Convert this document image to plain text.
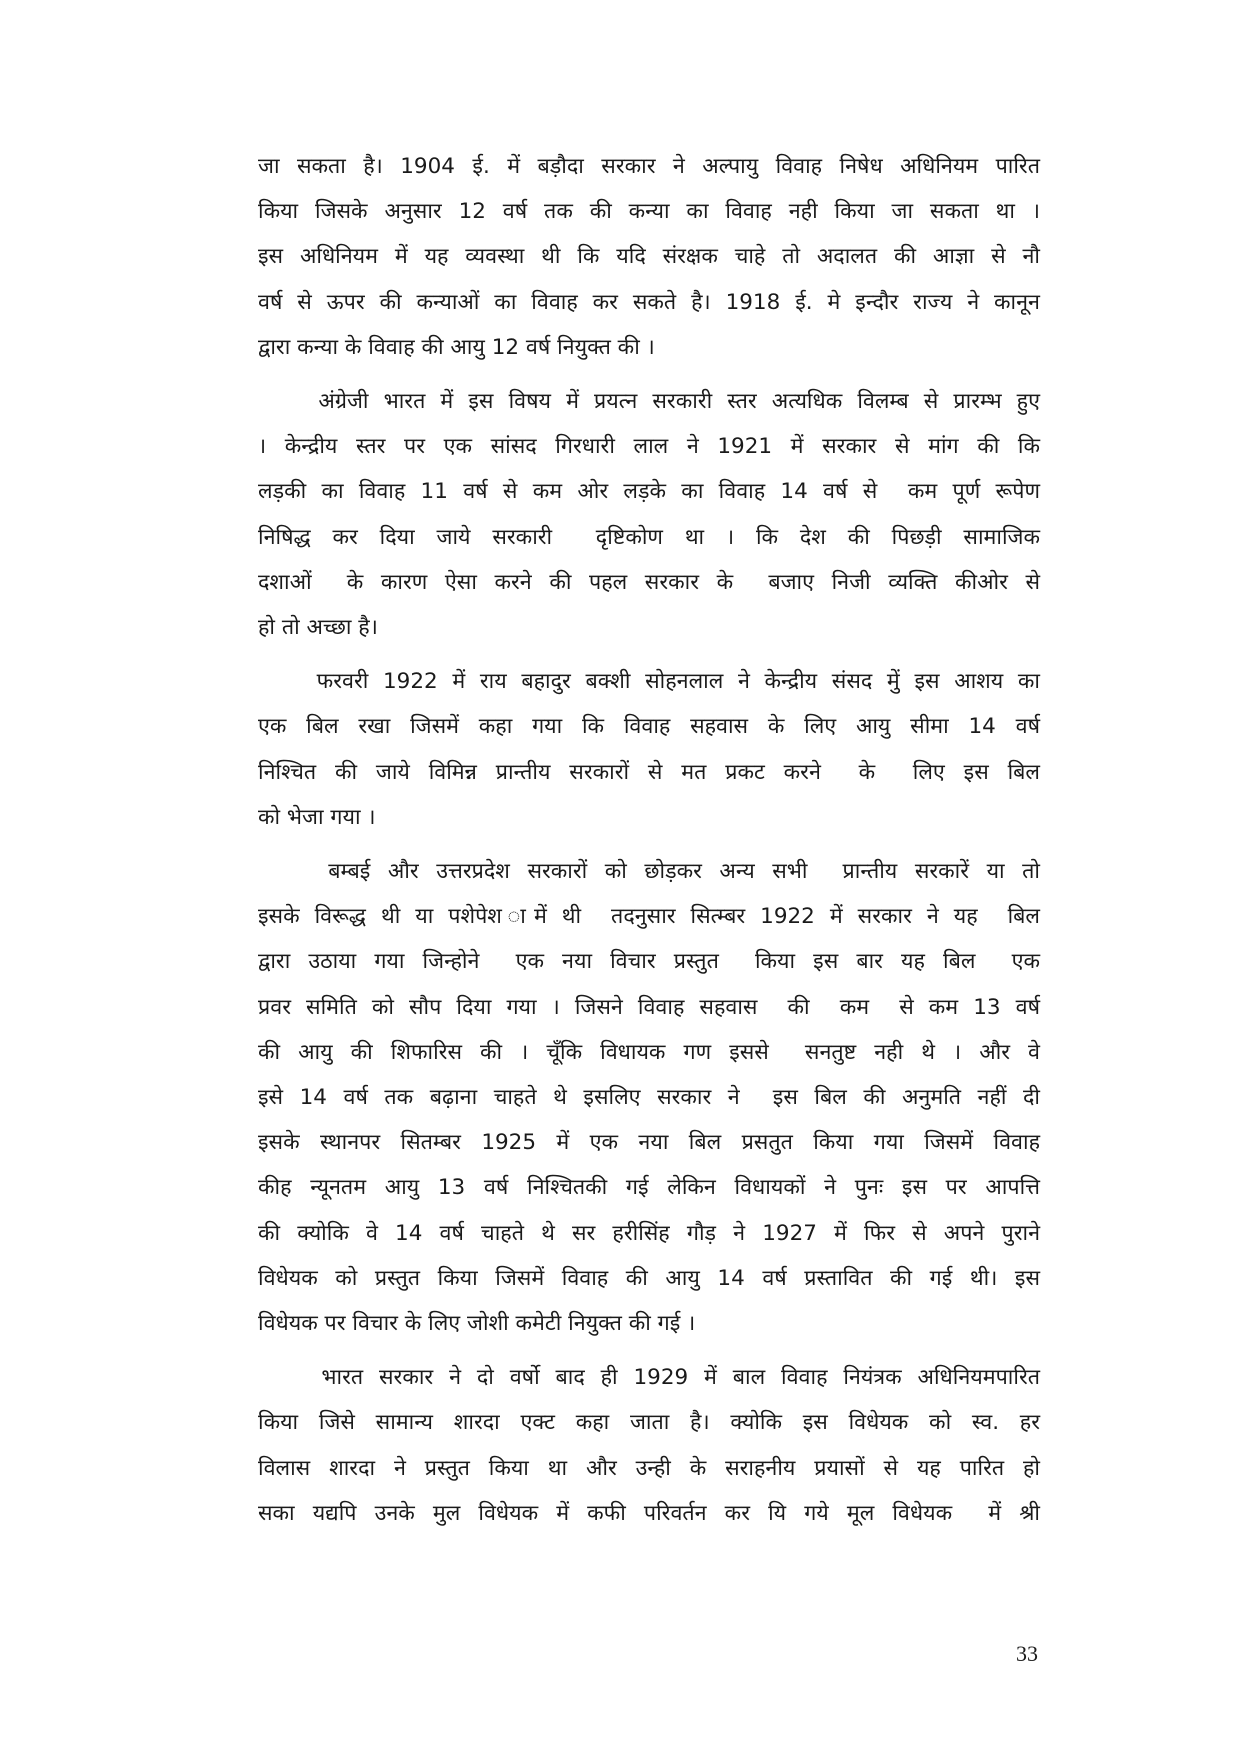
जा सकता है। 1904 ई. में बड़ौदा सरकार ने अल्पायु विवाह निषेध अधिनियम पारित
किया जिसके अनुसार 12 वर्ष तक की कन्या का विवाह नही किया जा सकता था ।
इस अधिनियम में यह व्यवस्था थी कि यदि संरक्षक चाहे तो अदालत की आज्ञा से नौ
वर्ष से ऊपर की कन्याओं का विवाह कर सकते है। 1918 ई. मे इन्दौर राज्य ने कानून
द्वारा कन्या के विवाह की आयु 12 वर्ष नियुक्त की ।

अंग्रेजी भारत में इस विषय में प्रयत्न सरकारी स्तर अत्यधिक विलम्ब से प्रारम्भ हुए
। केन्द्रीय स्तर पर एक सांसद गिरधारी लाल ने 1921 में सरकार से मांग की कि
लड़की का विवाह 11 वर्ष से कम ओर लड़के का विवाह 14 वर्ष से  कम पूर्ण रूपेण
निषिद्ध कर दिया जाये सरकारी  दृष्टिकोण था । कि देश की पिछड़ी सामाजिक
दशाओं  के कारण ऐसा करने की पहल सरकार के  बजाए निजी व्यक्ति कीओर से
हो तो अच्छा है।

फरवरी 1922 में राय बहादुर बक्शी सोहनलाल ने केन्द्रीय संसद मुें इस आशय का
एक बिल रखा जिसमें कहा गया कि विवाह सहवास के लिए आयु सीमा 14 वर्ष
निश्चित की जाये विमिन्न प्रान्तीय सरकारों से मत प्रकट करने  के  लिए इस बिल
को भेजा गया ।

बम्बई और उत्तरप्रदेश सरकारों को छोड़कर अन्य सभी  प्रान्तीय सरकारें या तो
इसके विरूद्ध थी या पशेपेश ामें थी  तदनुसार सित्म्बर 1922 में सरकार ने यह  बिल
द्वारा उठाया गया जिन्होने  एक नया विचार प्रस्तुत  किया इस बार यह बिल  एक
प्रवर समिति को सौप दिया गया । जिसने विवाह सहवास  की  कम  से कम 13 वर्ष
की आयु की शिफारिस की । चूँकि विधायक गण इससे  सनतुष्ट नही थे । और वे
इसे 14 वर्ष तक बढ़ाना चाहते थे इसलिए सरकार ने  इस बिल की अनुमति नहीं दी
इसके स्थानपर सितम्बर 1925 में एक नया बिल प्रसतुत किया गया जिसमें विवाह
कीह न्यूनतम आयु 13 वर्ष निश्चितकी गई लेकिन विधायकों ने पुनः इस पर आपत्ति
की क्योकि वे 14 वर्ष चाहते थे सर हरीसिंह गौड़ ने 1927 में फिर से अपने पुराने
विधेयक को प्रस्तुत किया जिसमें विवाह की आयु 14 वर्ष प्रस्तावित की गई थी। इस
विधेयक पर विचार के लिए जोशी कमेटी नियुक्त की गई ।

भारत सरकार ने दो वर्षो बाद ही 1929 में बाल विवाह नियंत्रक अधिनियमपारित
किया जिसे सामान्य शारदा एक्ट कहा जाता है। क्योकि इस विधेयक को स्व. हर
विलास शारदा ने प्रस्तुत किया था और उन्ही के सराहनीय प्रयासों से यह पारित हो
सका यद्यपि उनके मुल विधेयक में कफी परिवर्तन कर यि गये मूल विधेयक  में श्री

33
